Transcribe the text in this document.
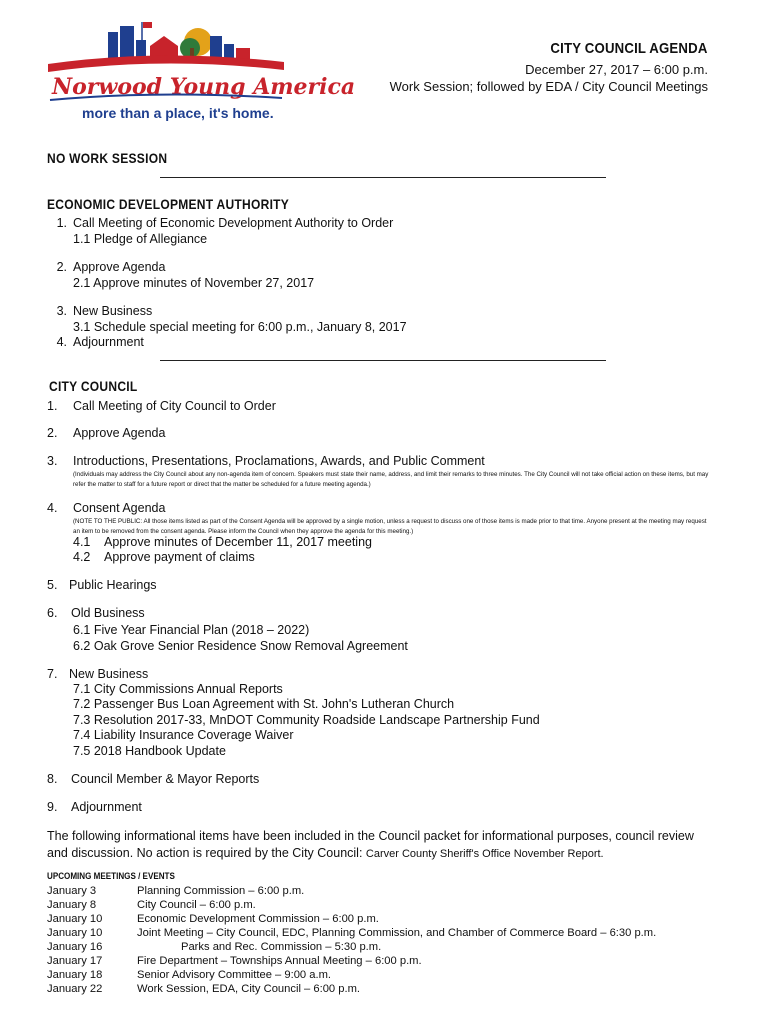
Norwood Young America
more than a place, it's home.
CITY COUNCIL AGENDA
December 27, 2017 – 6:00 p.m.
Work Session; followed by EDA / City Council Meetings
NO WORK SESSION
ECONOMIC DEVELOPMENT AUTHORITY
1. Call Meeting of Economic Development Authority to Order
1.1 Pledge of Allegiance
2. Approve Agenda
2.1 Approve minutes of November 27, 2017
3. New Business
3.1 Schedule special meeting for 6:00 p.m., January 8, 2017
4. Adjournment
CITY COUNCIL
1. Call Meeting of City Council to Order
2. Approve Agenda
3. Introductions, Presentations, Proclamations, Awards, and Public Comment
(Individuals may address the City Council about any non-agenda item of concern. Speakers must state their name, address, and limit their remarks to three minutes. The City Council will not take official action on these items, but may refer the matter to staff for a future report or direct that the matter be scheduled for a future meeting agenda.)
4. Consent Agenda
(NOTE TO THE PUBLIC: All those items listed as part of the Consent Agenda will be approved by a single motion, unless a request to discuss one of those items is made prior to that time. Anyone present at the meeting may request an item to be removed from the consent agenda. Please inform the Council when they approve the agenda for this meeting.)
4.1 Approve minutes of December 11, 2017 meeting
4.2 Approve payment of claims
5. Public Hearings
6. Old Business
6.1 Five Year Financial Plan (2018 – 2022)
6.2 Oak Grove Senior Residence Snow Removal Agreement
7. New Business
7.1 City Commissions Annual Reports
7.2 Passenger Bus Loan Agreement with St. John's Lutheran Church
7.3 Resolution 2017-33, MnDOT Community Roadside Landscape Partnership Fund
7.4 Liability Insurance Coverage Waiver
7.5 2018 Handbook Update
8. Council Member & Mayor Reports
9. Adjournment
The following informational items have been included in the Council packet for informational purposes, council review and discussion. No action is required by the City Council: Carver County Sheriff's Office November Report.
UPCOMING MEETINGS / EVENTS
January 3	Planning Commission – 6:00 p.m.
January 8	City Council – 6:00 p.m.
January 10	Economic Development Commission – 6:00 p.m.
January 10	Joint Meeting – City Council, EDC, Planning Commission, and Chamber of Commerce Board – 6:30 p.m.
January 16	Parks and Rec. Commission – 5:30 p.m.
January 17	Fire Department – Townships Annual Meeting – 6:00 p.m.
January 18	Senior Advisory Committee – 9:00 a.m.
January 22	Work Session, EDA, City Council – 6:00 p.m.
